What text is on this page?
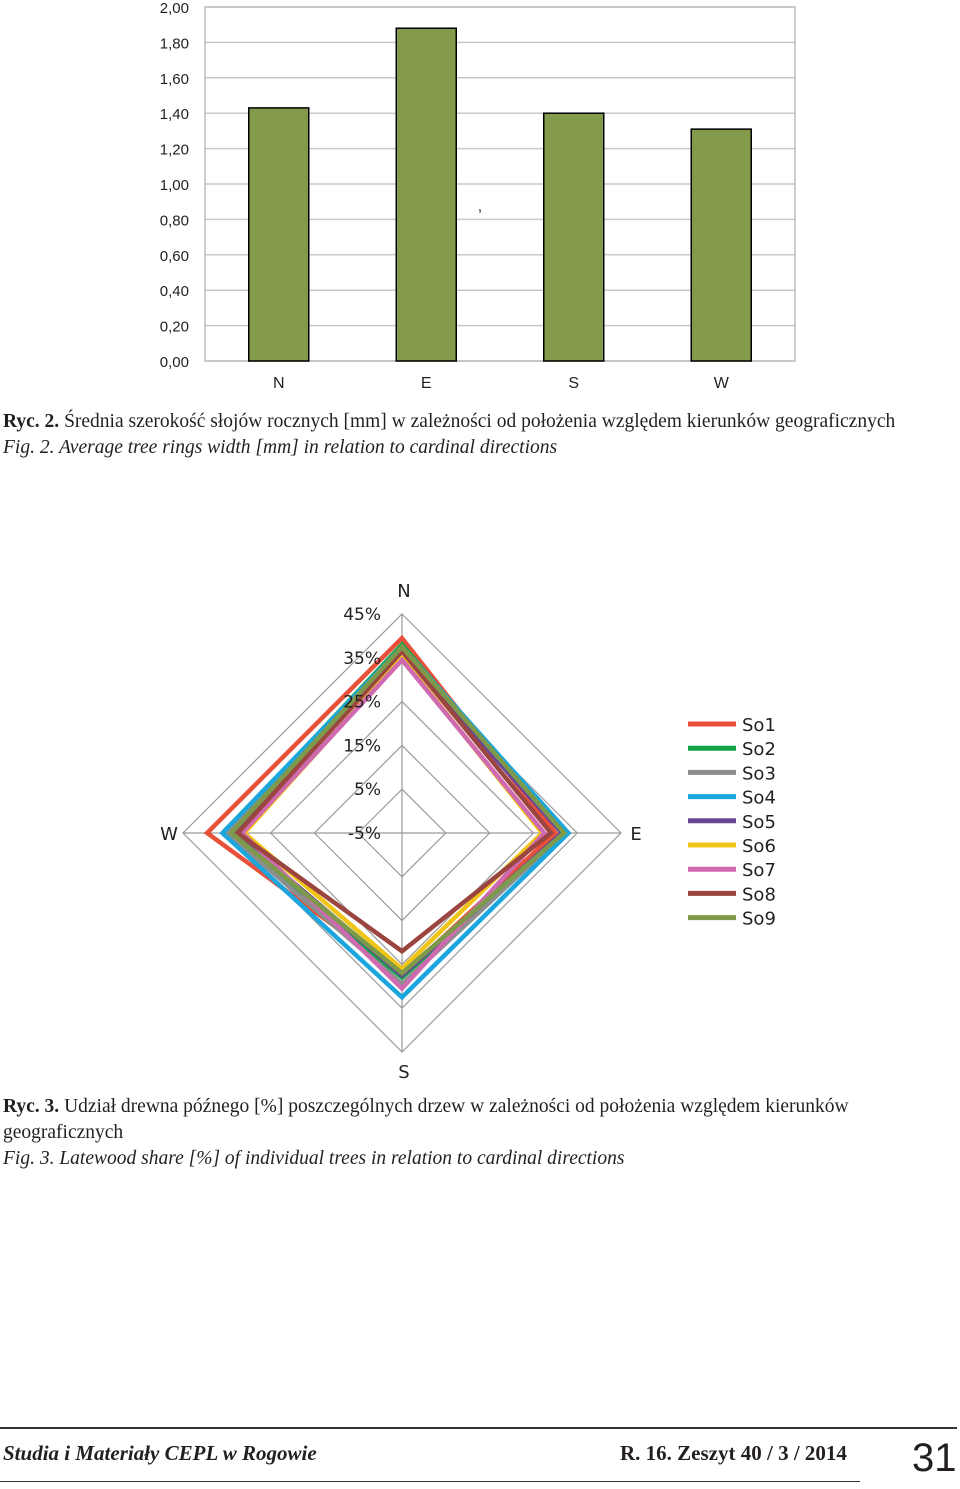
0,00
0,20
0,40
0,60
0,80
1,00
1,20
1,40
1,60
1,80
2,00
N	E	S	W
,
Ryc. 2. Średnia szerokość słojów rocznych [mm] w zależności od położenia względem kierunków geograficznych
Fig. 2. Average tree rings width [mm] in relation to cardinal directions
-5%
5%
15%
25%
35%
45%
N
E
S
W
So1
So2
So3
So4
So5
So6
So7
So8
So9
Ryc. 3. Udział drewna późnego [%] poszczególnych drzew w zależności od położenia względem kierunków geograficznych
Fig. 3. Latewood share [%] of individual trees in relation to cardinal directions
Studia i Materiały CEPL w Rogowie	R. 16. Zeszyt 40 / 3 / 2014 31
